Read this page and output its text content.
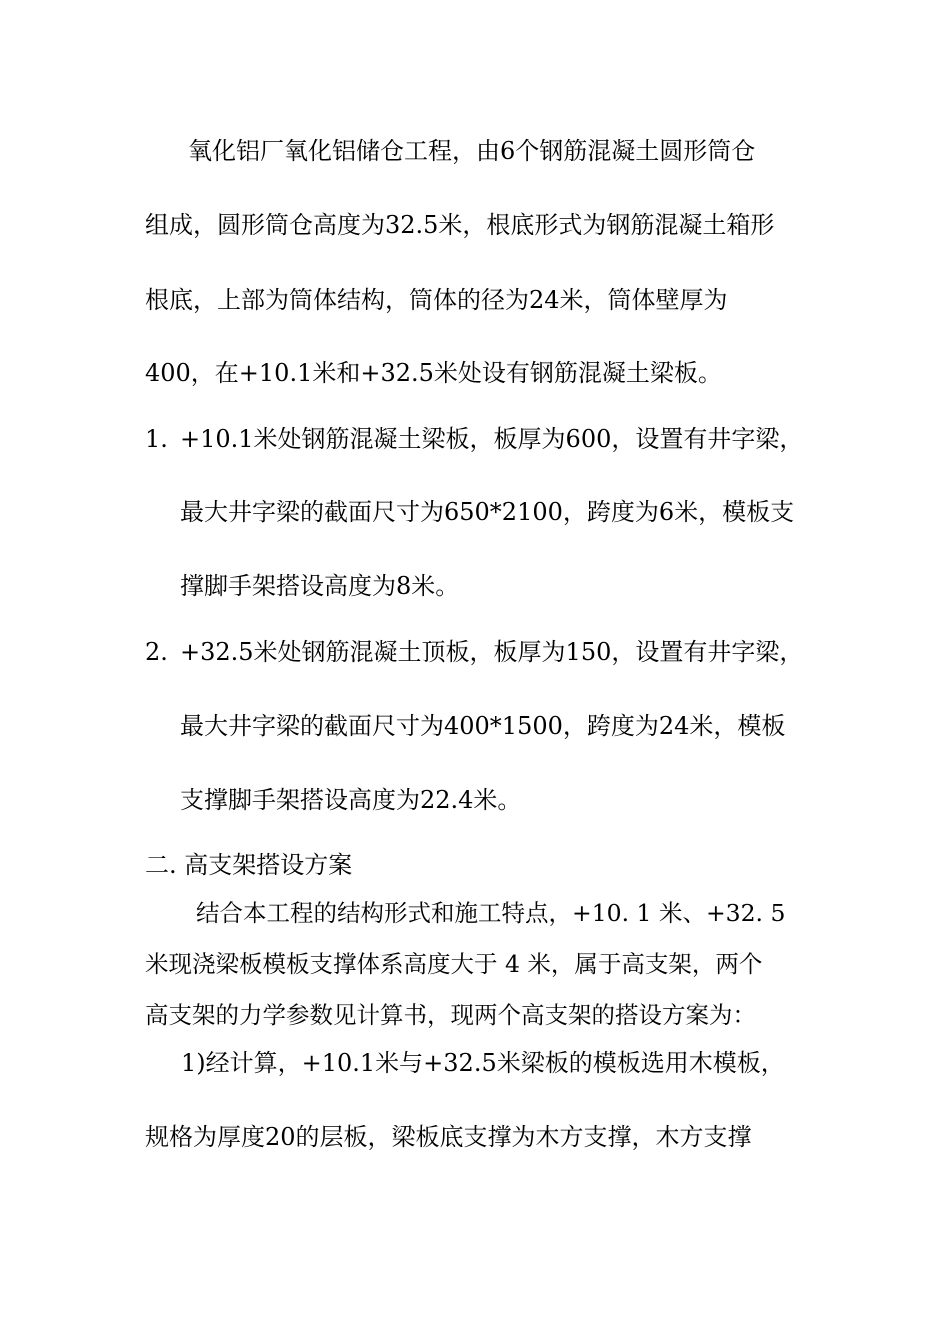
氧化铝厂氧化铝储仓工程，由6个钢筋混凝土圆形筒仓

组成，圆形筒仓高度为32.5米，根底形式为钢筋混凝土箱形

根底，上部为筒体结构，筒体的径为24米，筒体壁厚为

400，在+10.1米和+32.5米处设有钢筋混凝土梁板。

1. +10.1米处钢筋混凝土梁板，板厚为600，设置有井字梁，

最大井字梁的截面尺寸为650*2100，跨度为6米，模板支

撑脚手架搭设高度为8米。

2. +32.5米处钢筋混凝土顶板，板厚为150，设置有井字梁，

最大井字梁的截面尺寸为400*1500，跨度为24米，模板

支撑脚手架搭设高度为22.4米。

二. 高支架搭设方案

结合本工程的结构形式和施工特点，+10. 1 米、+32. 5

米现浇梁板模板支撑体系高度大于 4 米，属于高支架，两个

高支架的力学参数见计算书，现两个高支架的搭设方案为：

1)经计算，+10.1米与+32.5米梁板的模板选用木模板，

规格为厚度20的层板，梁板底支撑为木方支撑，木方支撑
